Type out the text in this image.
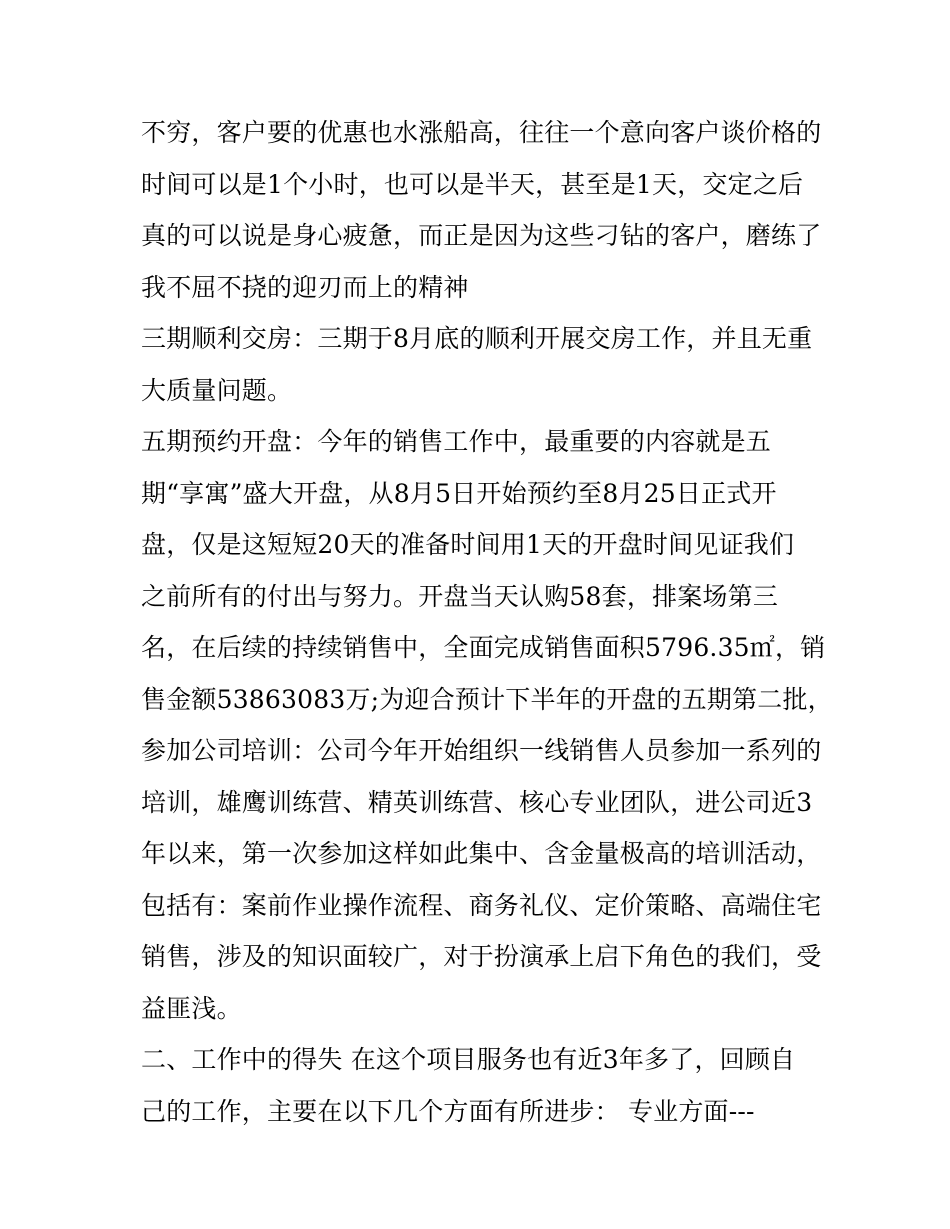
不穷，客户要的优惠也水涨船高，往往一个意向客户谈价格的
时间可以是1个小时，也可以是半天，甚至是1天，交定之后
真的可以说是身心疲惫，而正是因为这些刁钻的客户，磨练了
我不屈不挠的迎刃而上的精神
三期顺利交房：三期于8月底的顺利开展交房工作，并且无重
大质量问题。
五期预约开盘：今年的销售工作中，最重要的内容就是五
期“享寓”盛大开盘，从8月5日开始预约至8月25日正式开
盘，仅是这短短20天的准备时间用1天的开盘时间见证我们
之前所有的付出与努力。开盘当天认购58套，排案场第三
名，在后续的持续销售中，全面完成销售面积5796.35㎡，销
售金额53863083万;为迎合预计下半年的开盘的五期第二批，
参加公司培训：公司今年开始组织一线销售人员参加一系列的
培训，雄鹰训练营、精英训练营、核心专业团队，进公司近3
年以来，第一次参加这样如此集中、含金量极高的培训活动，
包括有：案前作业操作流程、商务礼仪、定价策略、高端住宅
销售，涉及的知识面较广，对于扮演承上启下角色的我们，受
益匪浅。
二、工作中的得失 在这个项目服务也有近3年多了，回顾自
己的工作，主要在以下几个方面有所进步： 专业方面---
